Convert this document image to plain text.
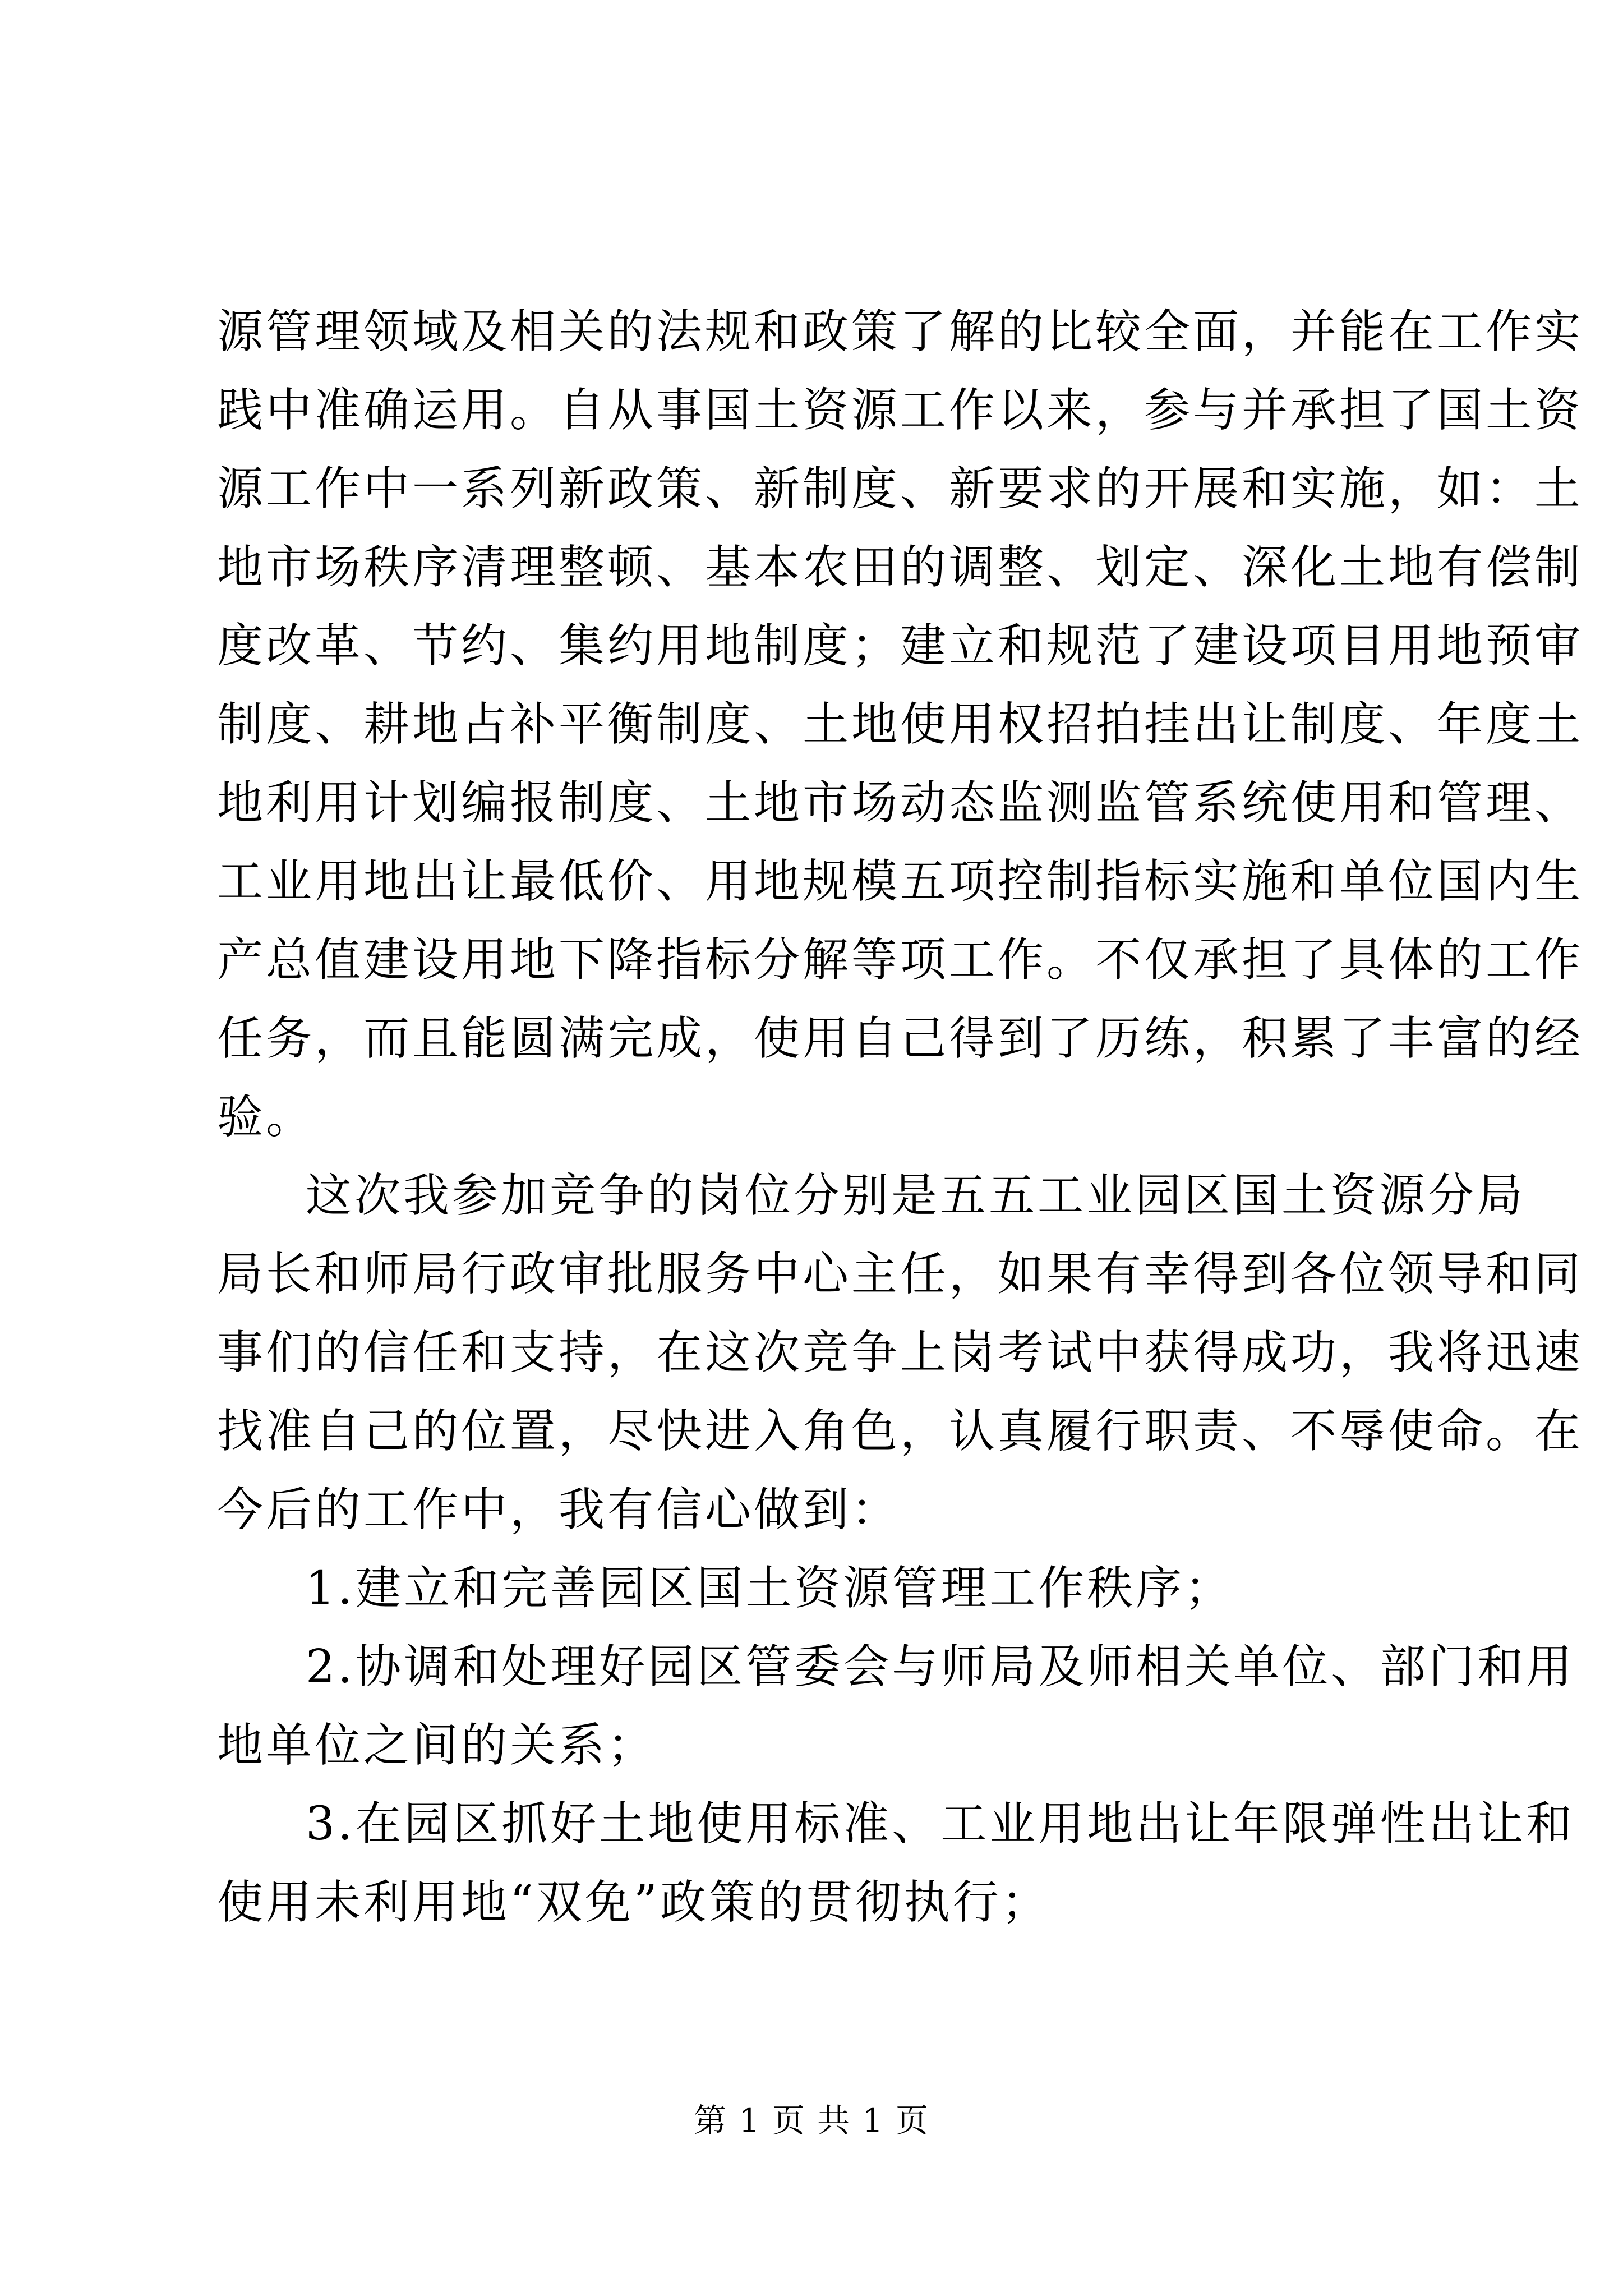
源管理领域及相关的法规和政策了解的比较全面，并能在工作实
践中准确运用。自从事国土资源工作以来，参与并承担了国土资
源工作中一系列新政策、新制度、新要求的开展和实施，如：土
地市场秩序清理整顿、基本农田的调整、划定、深化土地有偿制
度改革、节约、集约用地制度；建立和规范了建设项目用地预审
制度、耕地占补平衡制度、土地使用权招拍挂出让制度、年度土
地利用计划编报制度、土地市场动态监测监管系统使用和管理、
工业用地出让最低价、用地规模五项控制指标实施和单位国内生
产总值建设用地下降指标分解等项工作。不仅承担了具体的工作
任务，而且能圆满完成，使用自己得到了历练，积累了丰富的经
验。
这次我参加竞争的岗位分别是五五工业园区国土资源分局
局长和师局行政审批服务中心主任，如果有幸得到各位领导和同
事们的信任和支持，在这次竞争上岗考试中获得成功，我将迅速
找准自己的位置，尽快进入角色，认真履行职责、不辱使命。在
今后的工作中，我有信心做到：
1.建立和完善园区国土资源管理工作秩序；
2.协调和处理好园区管委会与师局及师相关单位、部门和用
地单位之间的关系；
3.在园区抓好土地使用标准、工业用地出让年限弹性出让和
使用未利用地“双免”政策的贯彻执行；
第 1 页 共 1 页
